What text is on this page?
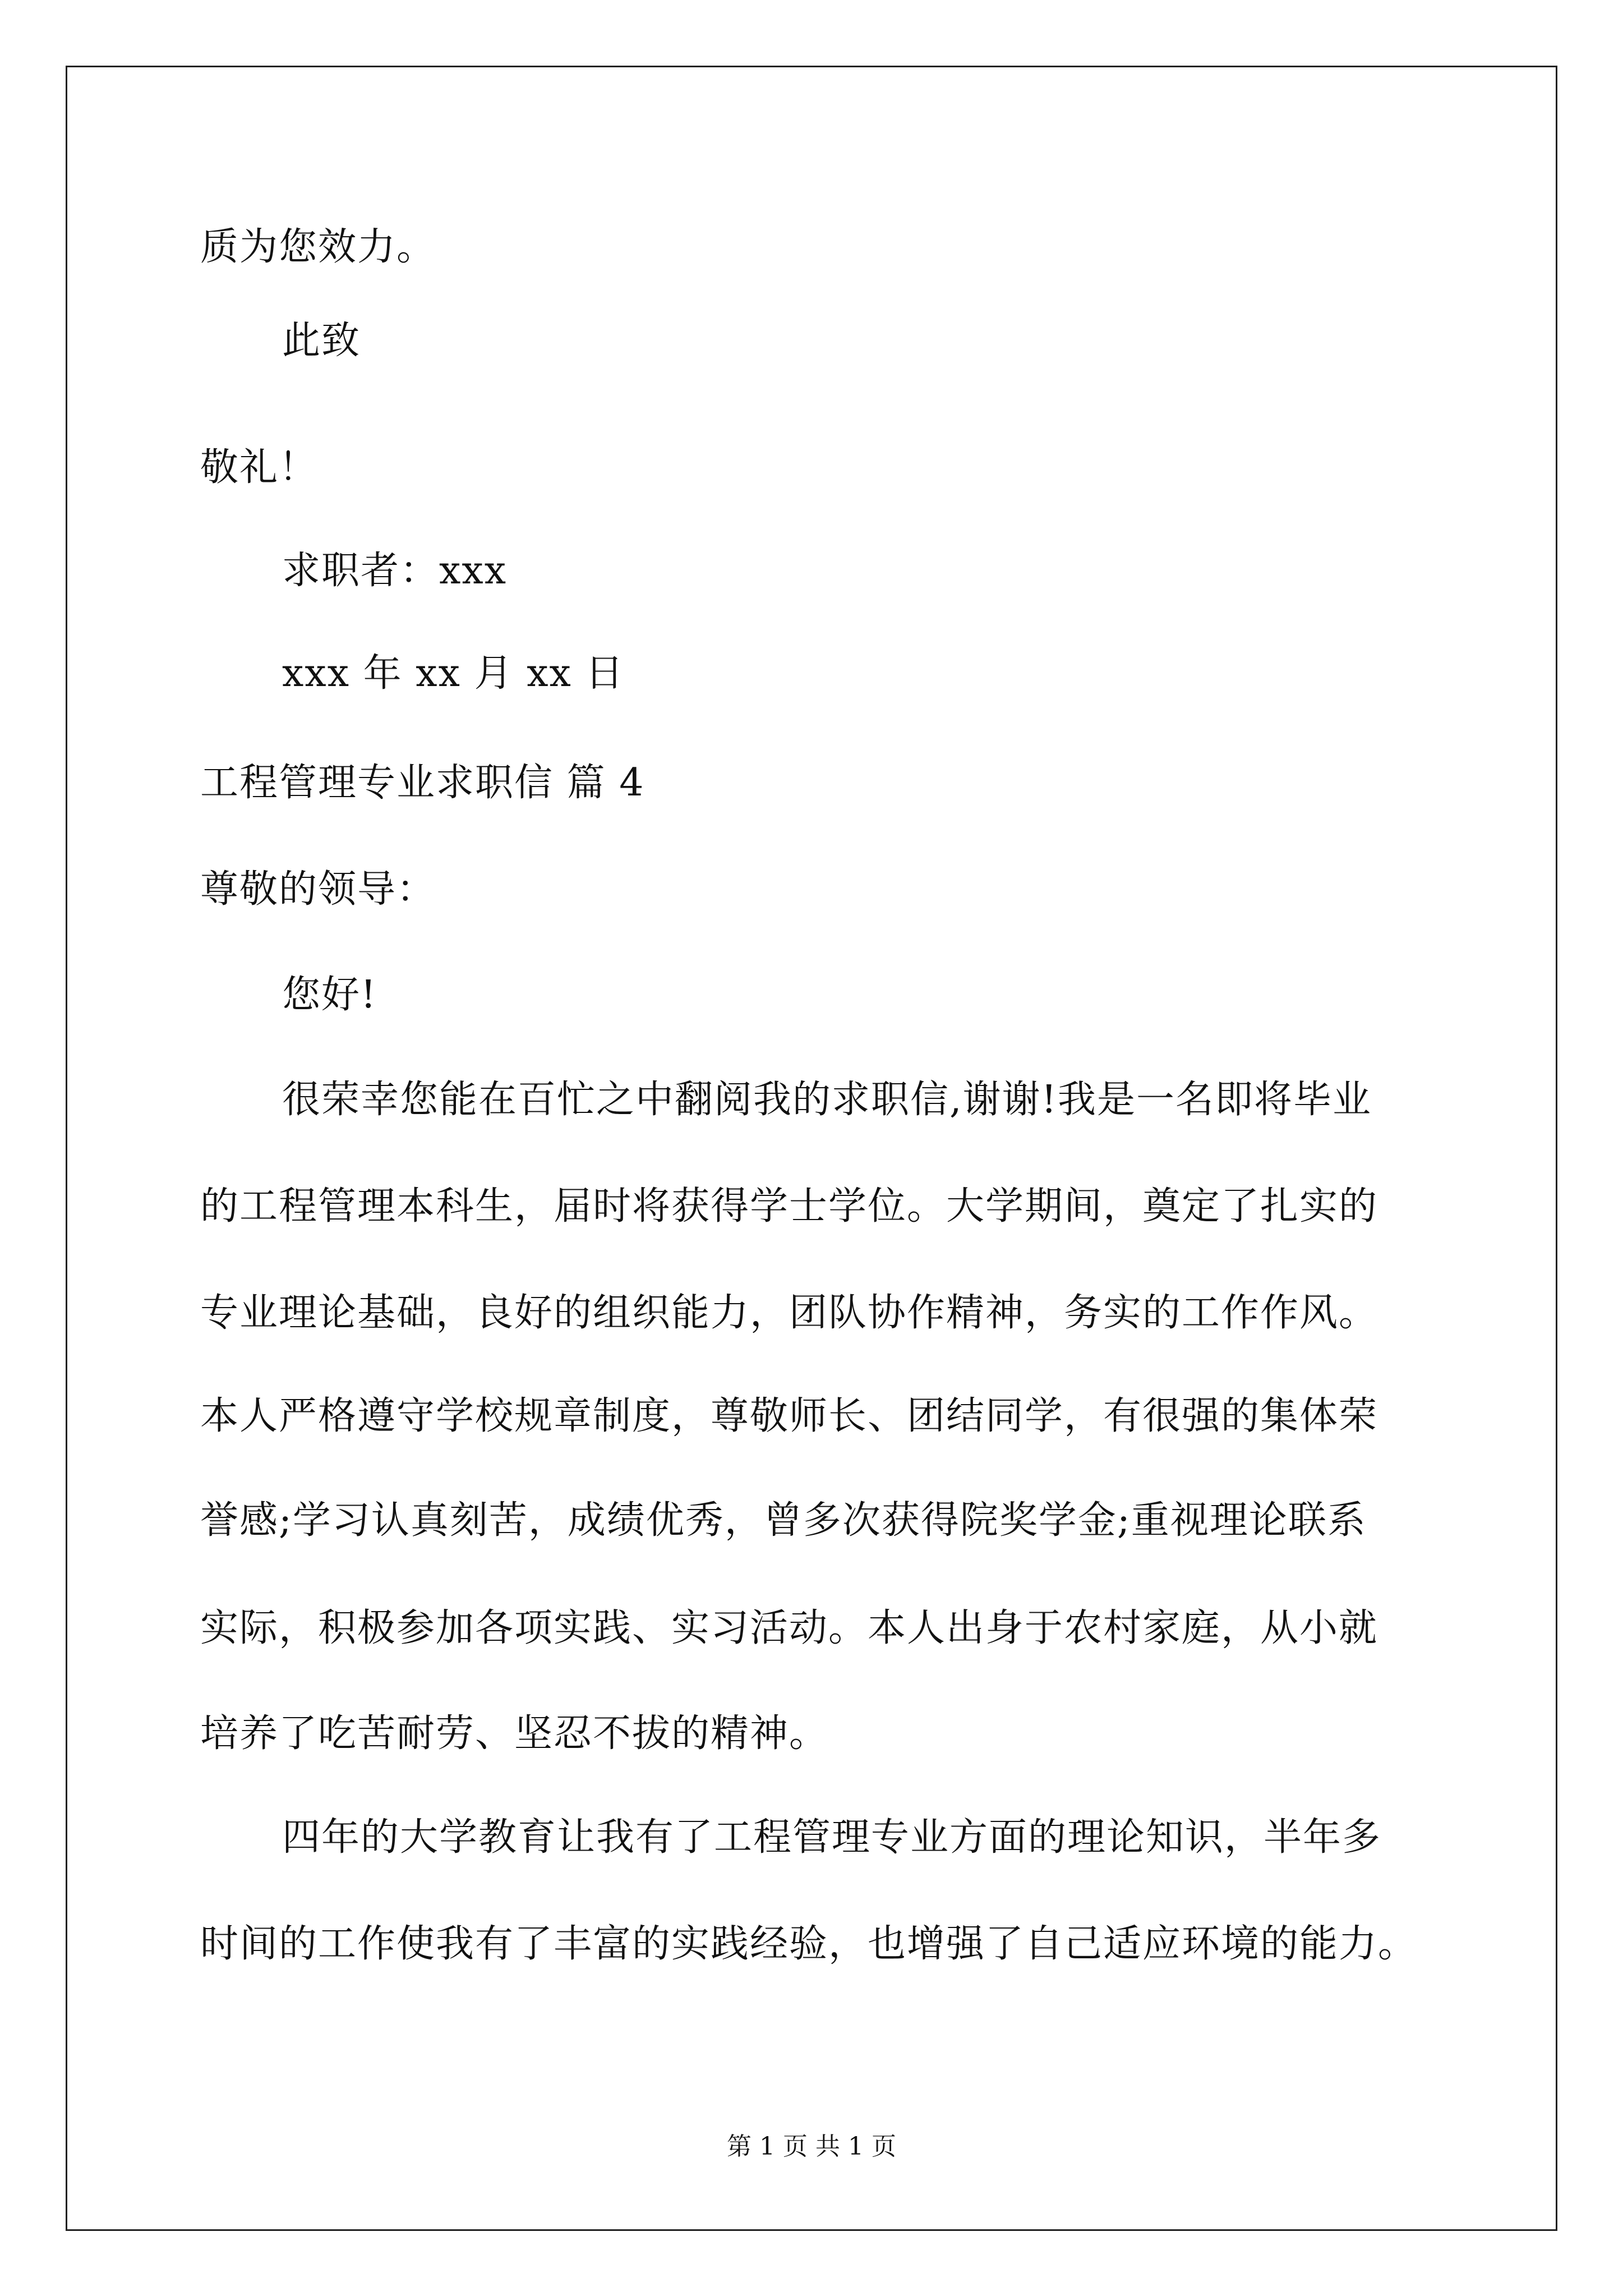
质为您效力。
此致
敬礼！
求职者：xxx
xxx 年 xx 月 xx 日
工程管理专业求职信 篇 4
尊敬的领导：
您好!
很荣幸您能在百忙之中翻阅我的求职信,谢谢!我是一名即将毕业
的工程管理本科生，届时将获得学士学位。大学期间，奠定了扎实的
专业理论基础，良好的组织能力，团队协作精神，务实的工作作风。
本人严格遵守学校规章制度，尊敬师长、团结同学，有很强的集体荣
誉感;学习认真刻苦，成绩优秀，曾多次获得院奖学金;重视理论联系
实际，积极参加各项实践、实习活动。本人出身于农村家庭，从小就
培养了吃苦耐劳、坚忍不拔的精神。
四年的大学教育让我有了工程管理专业方面的理论知识，半年多
时间的工作使我有了丰富的实践经验，也增强了自己适应环境的能力。
第 1 页 共 1 页
